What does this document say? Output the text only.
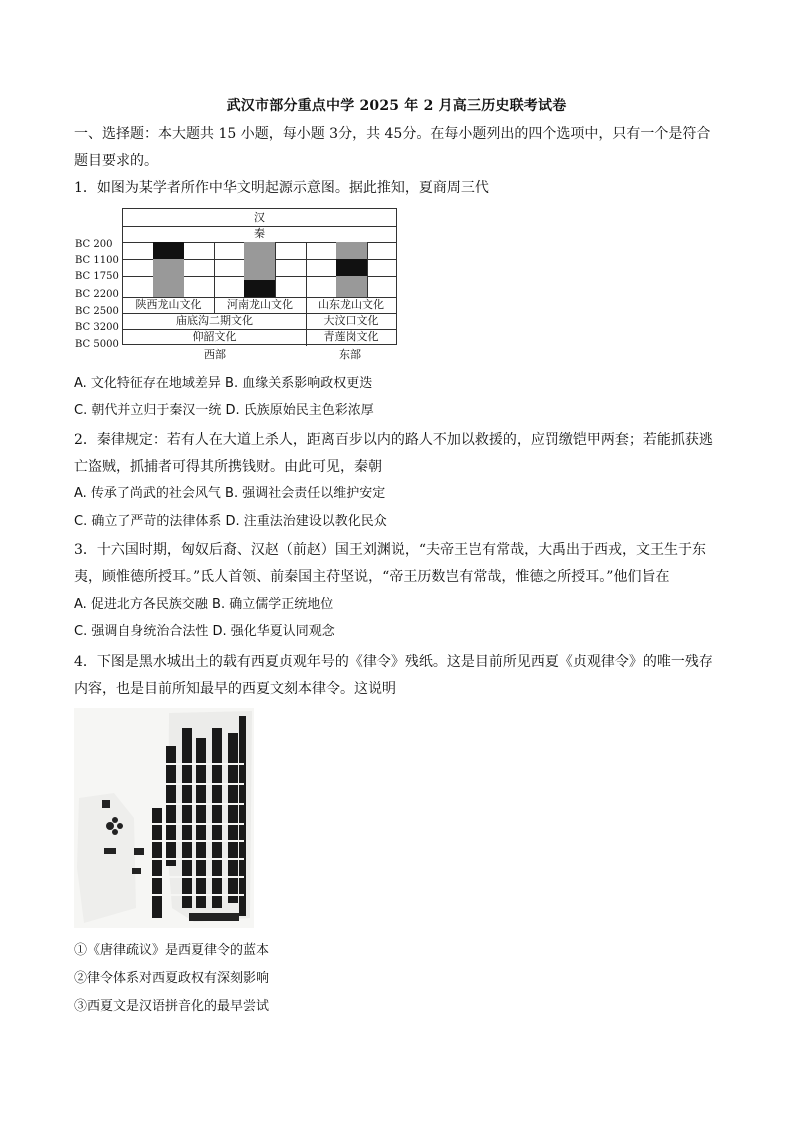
武汉市部分重点中学 2025 年 2 月高三历史联考试卷
一、选择题：本大题共 15 小题，每小题 3分，共 45分。在每小题列出的四个选项中，只有一个是符合
题目要求的。
1．如图为某学者所作中华文明起源示意图。据此推知，夏商周三代
BC 200
BC 1100
BC 1750
BC 2200
BC 2500
BC 3200
BC 5000
汉
秦
陕西龙山文化	河南龙山文化	山东龙山文化
庙底沟二期文化	大汶口文化
仰韶文化	青莲岗文化
西部	东部
A. 文化特征存在地域差异 B. 血缘关系影响政权更迭
C. 朝代并立归于秦汉一统 D. 氏族原始民主色彩浓厚
2．秦律规定：若有人在大道上杀人，距离百步以内的路人不加以救援的，应罚缴铠甲两套；若能抓获逃
亡盗贼，抓捕者可得其所携钱财。由此可见，秦朝
A. 传承了尚武的社会风气 B. 强调社会责任以维护安定
C. 确立了严苛的法律体系 D. 注重法治建设以教化民众
3．十六国时期，匈奴后裔、汉赵（前赵）国王刘渊说，“夫帝王岂有常哉，大禹出于西戎，文王生于东
夷，顾惟德所授耳。”氐人首领、前秦国主苻坚说，“帝王历数岂有常哉，惟德之所授耳。”他们旨在
A. 促进北方各民族交融 B. 确立儒学正统地位
C. 强调自身统治合法性 D. 强化华夏认同观念
4．下图是黑水城出土的载有西夏贞观年号的《律令》残纸。这是目前所见西夏《贞观律令》的唯一残存
内容，也是目前所知最早的西夏文刻本律令。这说明
①《唐律疏议》是西夏律令的蓝本
②律令体系对西夏政权有深刻影响
③西夏文是汉语拼音化的最早尝试
